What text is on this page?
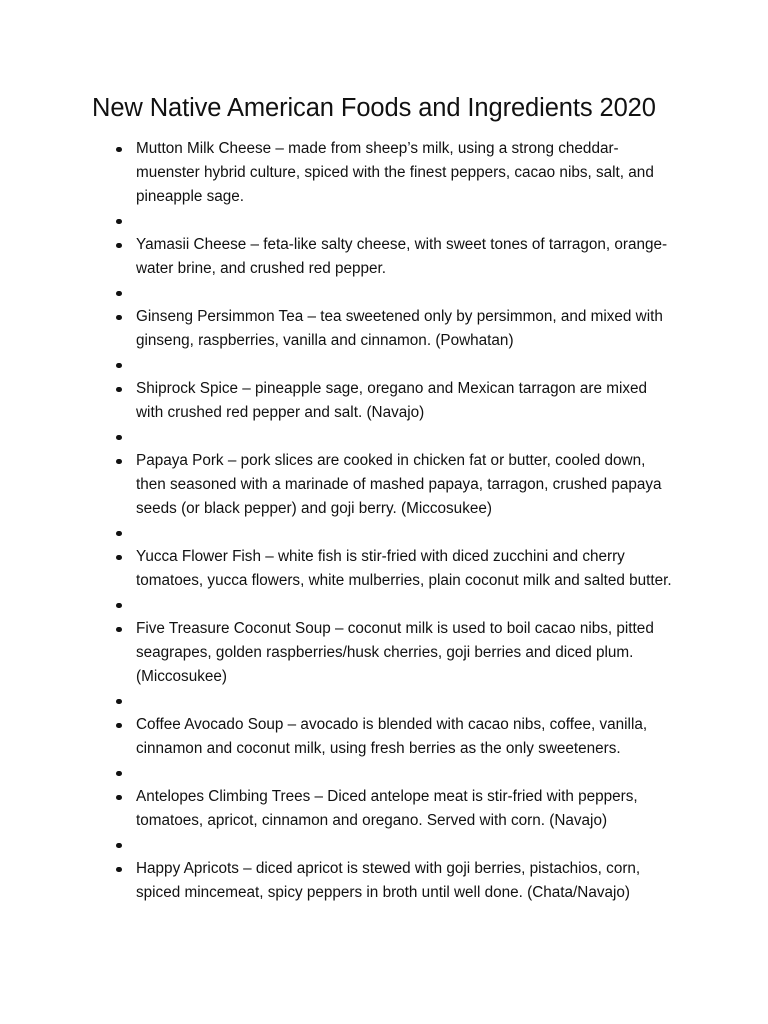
New Native American Foods and Ingredients 2020
Mutton Milk Cheese – made from sheep’s milk, using a strong cheddar-muenster hybrid culture, spiced with the finest peppers, cacao nibs, salt, and pineapple sage.
Yamasii Cheese – feta-like salty cheese, with sweet tones of tarragon, orange-water brine, and crushed red pepper.
Ginseng Persimmon Tea – tea sweetened only by persimmon, and mixed with ginseng, raspberries, vanilla and cinnamon. (Powhatan)
Shiprock Spice – pineapple sage, oregano and Mexican tarragon are mixed with crushed red pepper and salt. (Navajo)
Papaya Pork – pork slices are cooked in chicken fat or butter, cooled down, then seasoned with a marinade of mashed papaya, tarragon, crushed papaya seeds (or black pepper) and goji berry. (Miccosukee)
Yucca Flower Fish – white fish is stir-fried with diced zucchini and cherry tomatoes, yucca flowers, white mulberries, plain coconut milk and salted butter.
Five Treasure Coconut Soup – coconut milk is used to boil cacao nibs, pitted seagrapes, golden raspberries/husk cherries, goji berries and diced plum. (Miccosukee)
Coffee Avocado Soup – avocado is blended with cacao nibs, coffee, vanilla, cinnamon and coconut milk, using fresh berries as the only sweeteners.
Antelopes Climbing Trees – Diced antelope meat is stir-fried with peppers, tomatoes, apricot, cinnamon and oregano. Served with corn. (Navajo)
Happy Apricots – diced apricot is stewed with goji berries, pistachios, corn, spiced mincemeat, spicy peppers in broth until well done. (Chata/Navajo)
